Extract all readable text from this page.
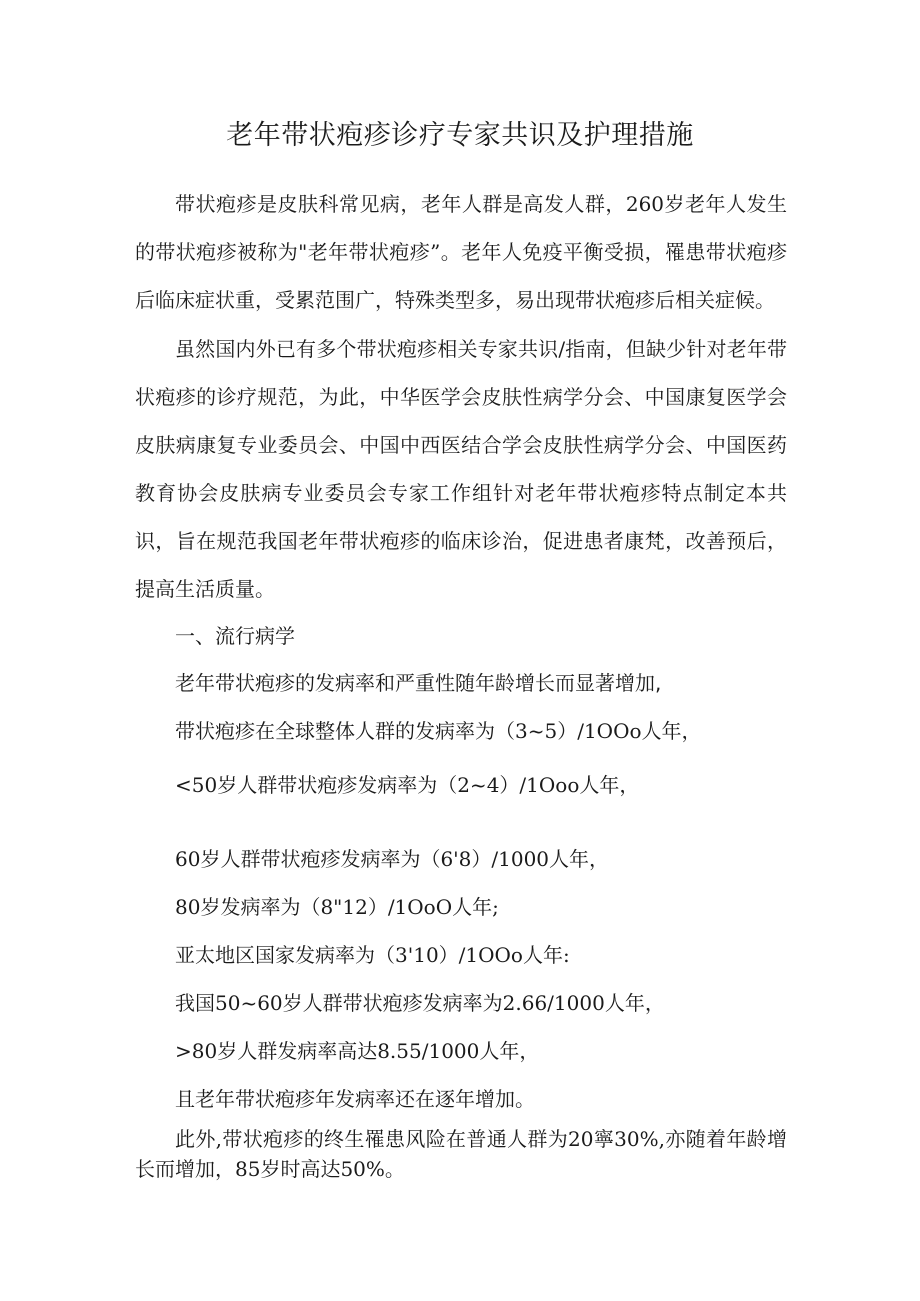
老年带状疱疹诊疗专家共识及护理措施

带状疱疹是皮肤科常见病，老年人群是高发人群，260岁老年人发生的带状疱疹被称为"老年带状疱疹”。老年人免疫平衡受损，罹患带状疱疹后临床症状重，受累范围广，特殊类型多，易出现带状疱疹后相关症候。

虽然国内外已有多个带状疱疹相关专家共识/指南，但缺少针对老年带状疱疹的诊疗规范，为此，中华医学会皮肤性病学分会、中国康复医学会皮肤病康复专业委员会、中国中西医结合学会皮肤性病学分会、中国医药教育协会皮肤病专业委员会专家工作组针对老年带状疱疹特点制定本共识，旨在规范我国老年带状疱疹的临床诊治，促进患者康梵，改善预后，提高生活质量。

一、流行病学
老年带状疱疹的发病率和严重性随年龄增长而显著增加,
带状疱疹在全球整体人群的发病率为（3~5）/1OOo人年，
<50岁人群带状疱疹发病率为（2~4）/1Ooo人年，
60岁人群带状疱疹发病率为（6'8）/1000人年，
80岁发病率为（8"12）/1OoO人年;
亚太地区国家发病率为（3'10）/1OOo人年:
我国50~60岁人群带状疱疹发病率为2.66/1000人年，
>80岁人群发病率高达8.55/1000人年，
且老年带状疱疹年发病率还在逐年增加。

此外,带状疱疹的终生罹患风险在普通人群为20寧30%,亦随着年龄增长而增加，85岁时高达50%。
